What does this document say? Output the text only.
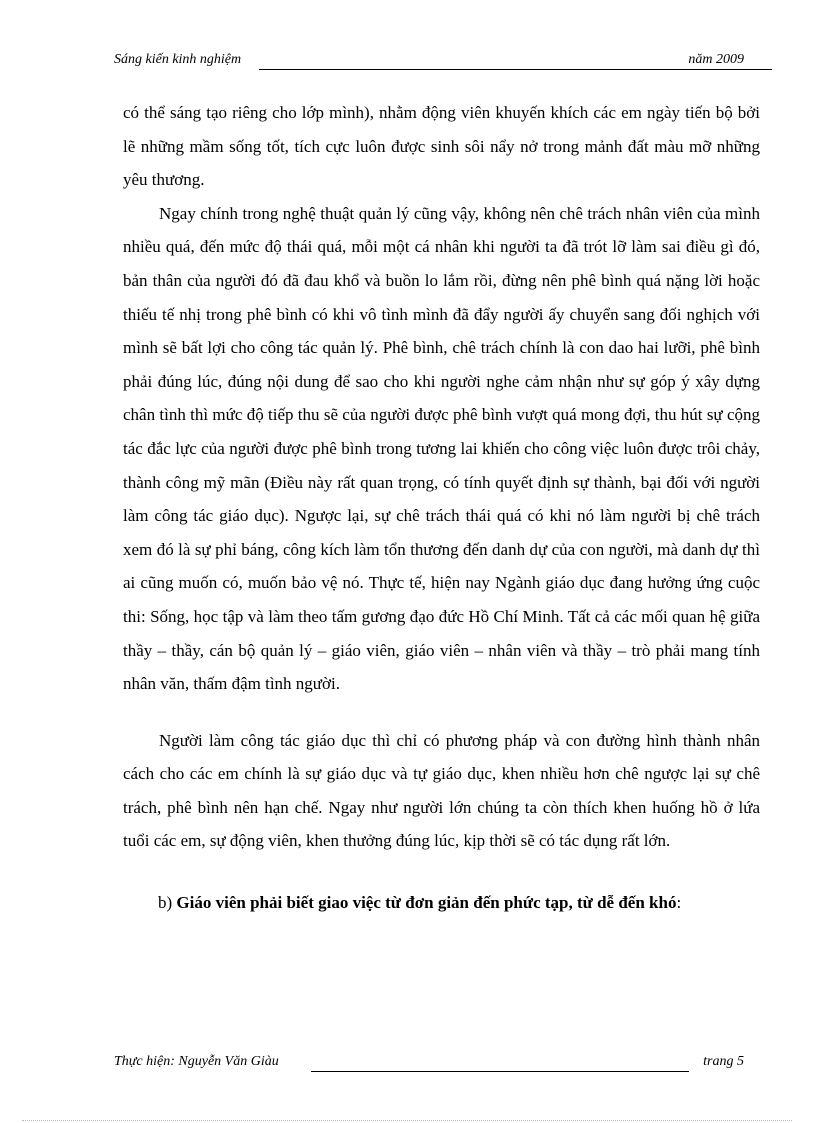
Sáng kiến kinh nghiệm	năm 2009

có thể sáng tạo riêng cho lớp mình), nhằm động viên khuyến khích các em ngày tiến bộ bởi lẽ những mầm sống tốt, tích cực luôn được sinh sôi nẩy nở trong mảnh đất màu mỡ những yêu thương.

Ngay chính trong nghệ thuật quản lý cũng vậy, không nên chê trách nhân viên của mình nhiều quá, đến mức độ thái quá, mỗi một cá nhân khi người ta đã trót lỡ làm sai điều gì đó, bản thân của người đó đã đau khổ và buồn lo lắm rồi, đừng nên phê bình quá nặng lời hoặc thiếu tế nhị trong phê bình có khi vô tình mình đã đẩy người ấy chuyển sang đối nghịch với mình sẽ bất lợi cho công tác quản lý. Phê bình, chê trách chính là con dao hai lưỡi, phê bình phải đúng lúc, đúng nội dung để sao cho khi người nghe cảm nhận như sự góp ý xây dựng chân tình thì mức độ tiếp thu sẽ của người được phê bình vượt quá mong đợi, thu hút sự cộng tác đắc lực của người được phê bình trong tương lai khiến cho công việc luôn được trôi chảy, thành công mỹ mãn (Điều này rất quan trọng, có tính quyết định sự thành, bại đối với người làm công tác giáo dục). Ngược lại, sự chê trách thái quá có khi nó làm người bị chê trách xem đó là sự phỉ báng, công kích làm tổn thương đến danh dự của con người, mà danh dự thì ai cũng muốn có, muốn bảo vệ nó. Thực tế, hiện nay Ngành giáo dục đang hưởng ứng cuộc thi: Sống, học tập và làm theo tấm gương đạo đức Hồ Chí Minh. Tất cả các mối quan hệ giữa thầy – thầy, cán bộ quản lý – giáo viên, giáo viên – nhân viên và thầy – trò phải mang tính nhân văn, thấm đậm tình người.

Người làm công tác giáo dục thì chỉ có phương pháp và con đường hình thành nhân cách cho các em chính là sự giáo dục và tự giáo dục, khen nhiều hơn chê ngược lại sự chê trách, phê bình nên hạn chế. Ngay như người lớn chúng ta còn thích khen huống hồ ở lứa tuổi các em, sự động viên, khen thưởng đúng lúc, kịp thời sẽ có tác dụng rất lớn.

b) Giáo viên phải biết giao việc từ đơn giản đến phức tạp, từ dễ đến khó:

Thực hiện: Nguyễn Văn Giàu	trang 5
